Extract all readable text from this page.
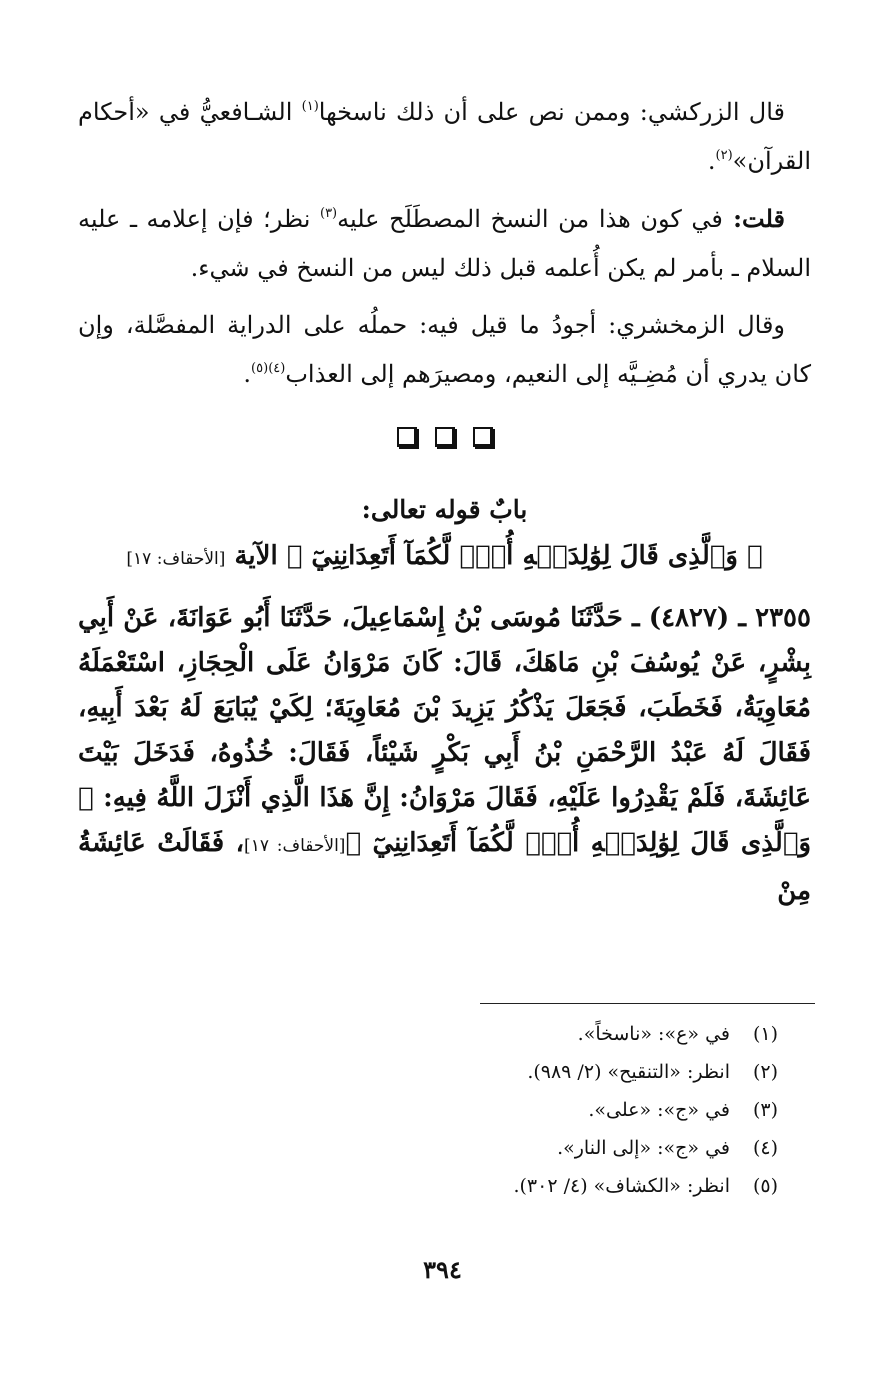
قال الزركشي: وممن نص على أن ذلك ناسخها$^{(١)}$ الشـافعيُّ في «أحكام القرآن»$^{(٢)}$.

قلت: في كون هذا من النسخ المصطَلَح عليه$^{(٣)}$ نظر؛ فإن إعلامه ـ عليه السلام ـ بأمر لم يكن أُعلمه قبل ذلك ليس من النسخ في شيء.

وقال الزمخشري: أجودُ ما قيل فيه: حملُه على الدراية المفصَّلة، وإن كان يدري أن مُضِـيَّه إلى النعيم، ومصيرَهم إلى العذاب$^{(٤)(٥)}$.

بابٌ قوله تعالى:
﴿ وَٱلَّذِى قَالَ لِوَٰلِدَيۡهِ أُفّٖ لَّكُمَآ أَتَعِدَانِنِيٓ ﴾ الآية [الأحقاف: ١٧]

٢٣٥٥ ـ (٤٨٢٧) ـ حَدَّثَنَا مُوسَى بْنُ إِسْمَاعِيلَ، حَدَّثَنَا أَبُو عَوَانَةَ، عَنْ أَبِي بِشْرٍ، عَنْ يُوسُفَ بْنِ مَاهَكَ، قَالَ: كَانَ مَرْوَانُ عَلَى الْحِجَازِ، اسْتَعْمَلَهُ مُعَاوِيَةُ، فَخَطَبَ، فَجَعَلَ يَذْكُرُ يَزِيدَ بْنَ مُعَاوِيَةَ؛ لِكَيْ يُبَايَعَ لَهُ بَعْدَ أَبِيهِ، فَقَالَ لَهُ عَبْدُ الرَّحْمَنِ بْنُ أَبِي بَكْرٍ شَيْئاً، فَقَالَ: خُذُوهُ، فَدَخَلَ بَيْتَ عَائِشَةَ، فَلَمْ يَقْدِرُوا عَلَيْهِ، فَقَالَ مَرْوَانُ: إِنَّ هَذَا الَّذِي أَنْزَلَ اللَّهُ فِيهِ: ﴿ وَٱلَّذِى قَالَ لِوَٰلِدَيۡهِ أُفّٖ لَّكُمَآ أَتَعِدَانِنِيٓ ﴾[الأحقاف: ١٧]، فَقَالَتْ عَائِشَةُ مِنْ

(١)
في «ع»: «ناسخاً».
(٢)
انظر: «التنقيح» (٢/ ٩٨٩).
(٣)
في «ج»: «على».
(٤)
في «ج»: «إلى النار».
(٥)
انظر: «الكشاف» (٤/ ٣٠٢).
٣٩٤
